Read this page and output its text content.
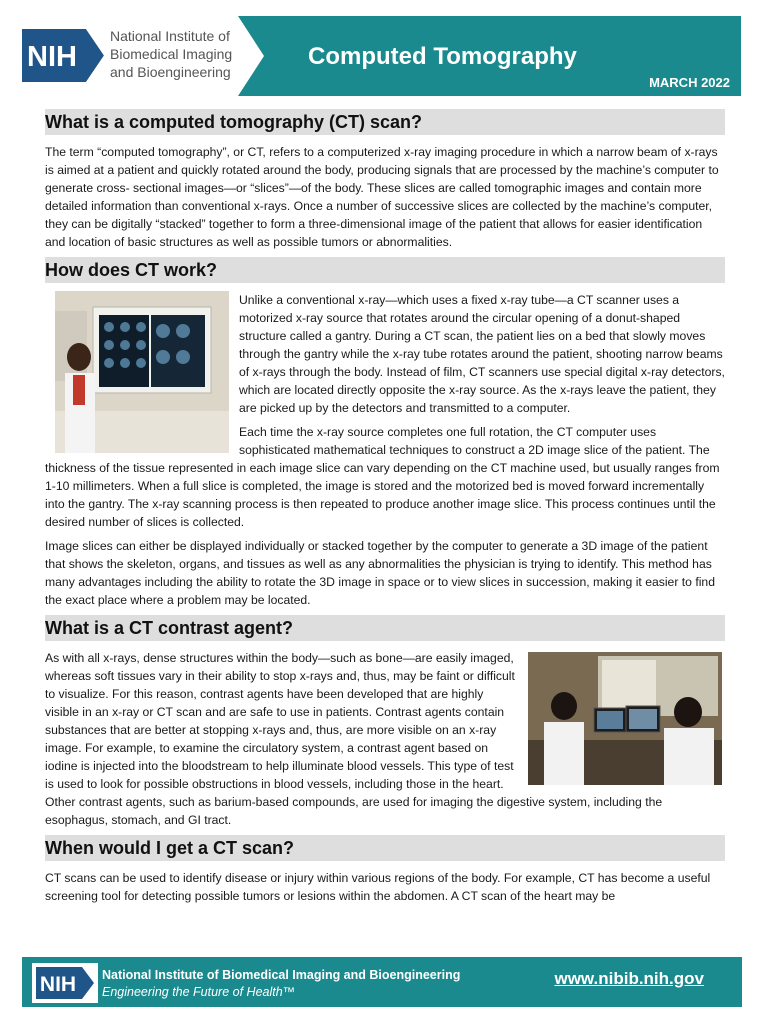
NIH
National Institute of
Biomedical Imaging
and Bioengineering
Computed Tomography
MARCH 2022
What is a computed tomography (CT) scan?

The term “computed tomography”, or CT, refers to a computerized x-ray imaging procedure in which a narrow beam of x-rays is aimed at a patient and quickly rotated around the body, producing signals that are processed by the machine’s computer to generate cross- sectional images—or “slices”—of the body. These slices are called tomographic images and contain more detailed information than conventional x-rays. Once a number of successive slices are collected by the machine’s computer, they can be digitally “stacked” together to form a three-dimensional image of the patient that allows for easier identification and location of basic structures as well as possible tumors or abnormalities.

How does CT work?

Unlike a conventional x-ray—which uses a fixed x-ray tube—a CT scanner uses a motorized x-ray source that rotates around the circular opening of a donut-shaped structure called a gantry. During a CT scan, the patient lies on a bed that slowly moves through the gantry while the x-ray tube rotates around the patient, shooting narrow beams of x-rays through the body. Instead of film, CT scanners use special digital x-ray detectors, which are located directly opposite the x-ray source. As the x-rays leave the patient, they are picked up by the detectors and transmitted to a computer.

Each time the x-ray source completes one full rotation, the CT computer uses sophisticated mathematical techniques to construct a 2D image slice of the patient. The thickness of the tissue represented in each image slice can vary depending on the CT machine used, but usually ranges from 1-10 millimeters. When a full slice is completed, the image is stored and the motorized bed is moved forward incrementally into the gantry. The x-ray scanning process is then repeated to produce another image slice. This process continues until the desired number of slices is collected.

Image slices can either be displayed individually or stacked together by the computer to generate a 3D image of the patient that shows the skeleton, organs, and tissues as well as any abnormalities the physician is trying to identify. This method has many advantages including the ability to rotate the 3D image in space or to view slices in succession, making it easier to find the exact place where a problem may be located.

What is a CT contrast agent?

As with all x-rays, dense structures within the body—such as bone—are easily imaged, whereas soft tissues vary in their ability to stop x-rays and, thus, may be faint or difficult to visualize. For this reason, contrast agents have been developed that are highly visible in an x-ray or CT scan and are safe to use in patients. Contrast agents contain substances that are better at stopping x-rays and, thus, are more visible on an x-ray image. For example, to examine the circulatory system, a contrast agent based on iodine is injected into the bloodstream to help illuminate blood vessels. This type of test is used to look for possible obstructions in blood vessels, including those in the heart. Other contrast agents, such as barium-based compounds, are used for imaging the digestive system, including the esophagus, stomach, and GI tract.

When would I get a CT scan?

CT scans can be used to identify disease or injury within various regions of the body. For example, CT has become a useful screening tool for detecting possible tumors or lesions within the abdomen. A CT scan of the heart may be

NIH National Institute of Biomedical Imaging and Bioengineering
Engineering the Future of Health™
www.nibib.nih.gov
